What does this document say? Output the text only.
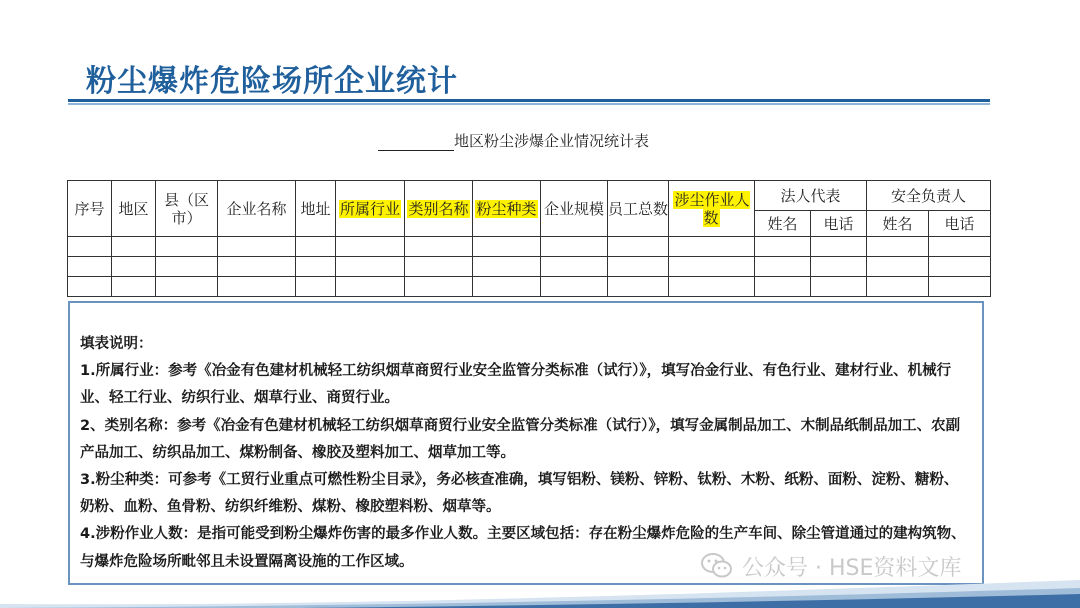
粉尘爆炸危险场所企业统计
地区粉尘涉爆企业情况统计表
序号	地区	县（区市）	企业名称	地址	所属行业	类别名称	粉尘种类	企业规模	员工总数	涉尘作业人数	法人代表		安全负责人	
											姓名	电话	姓名	电话

填表说明：

1.所属行业：参考《冶金有色建材机械轻工纺织烟草商贸行业安全监管分类标准（试行）》，填写冶金行业、有色行业、建材行业、机械行业、轻工行业、纺织行业、烟草行业、商贸行业。

2、类别名称：参考《冶金有色建材机械轻工纺织烟草商贸行业安全监管分类标准（试行）》，填写金属制品加工、木制品纸制品加工、农副产品加工、纺织品加工、煤粉制备、橡胶及塑料加工、烟草加工等。

3.粉尘种类：可参考《工贸行业重点可燃性粉尘目录》，务必核查准确，填写铝粉、镁粉、锌粉、钛粉、木粉、纸粉、面粉、淀粉、糖粉、奶粉、血粉、鱼骨粉、纺织纤维粉、煤粉、橡胶塑料粉、烟草等。

4.涉粉作业人数：是指可能受到粉尘爆炸伤害的最多作业人数。主要区域包括：存在粉尘爆炸危险的生产车间、除尘管道通过的建构筑物、与爆炸危险场所毗邻且未设置隔离设施的工作区域。	公众号 · HSE资料文库
